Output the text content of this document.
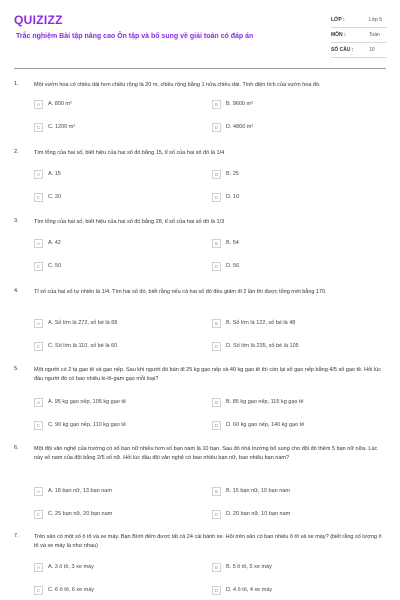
QUIZIZZ
Trắc nghiệm Bài tập nâng cao Ôn tập và bổ sung về giải toán có đáp án
LỚP :	Lớp 5
MÔN :	Toán
SỐ CÂU :	10
1.	Một vườn hoa có chiều dài hơn chiều rộng là 20 m, chiều rộng bằng 1 nửa chiều dài. Tính diện tích của vườn hoa đó.
A	A. 800 m²	B	B. 9600 m²
C	C. 1200 m²	D	D. 4800 m²
2.	Tìm tổng của hai số, biết hiệu của hai số đó bằng 15, tỉ số của hai số đó là 1/4
A	A. 15	B	B. 25
C	C. 20	D	D. 10
3.	Tìm tổng của hai số, biết hiệu của hai số đó bằng 28, tỉ số của hai số đó là 1/3
A	A. 42	B	B. 54
C	C. 50	D	D. 56
4.	Tỉ số của hai số tự nhiên là 1/4. Tìm hai số đó, biết rằng nếu cả hai số đó đều giảm đi 2 lần thì được tổng mới bằng 170.
A	A. Số lớn là 272, số bé là 68	B	B. Số lớn là 122, số bé là 48
C	C. Số lớn là 110, số bé là 60	D	D. Số lớn là 235, số bé là 105
5.	Một người có 2 tạ gạo tẻ và gạo nếp. Sau khi người đó bán đi 25 kg gạo nếp và 40 kg gạo tẻ thì còn lại số gạo nếp bằng 4/5 số gạo tẻ. Hỏi lúc đầu người đó có bao nhiêu ki-lô-gam gạo mỗi loại?
A	A. 95 kg gạo nếp, 105 kg gạo tẻ	B	B. 85 kg gạo nếp, 115 kg gạo tẻ
C	C. 90 kg gạo nếp, 110 kg gạo tẻ	D	D. 60 kg gạo nếp, 140 kg gạo tẻ
6.	Một đội văn nghệ của trường có số bạn nữ nhiều hơn số bạn nam là 10 bạn. Sau đó nhà trường bổ sung cho đội đó thêm 5 bạn nữ nữa. Lúc này số nam của đội bằng 2/5 số nữ. Hỏi lúc đầu đội văn nghệ có bao nhiêu bạn nữ, bao nhiêu bạn nam?
A	A. 18 bạn nữ, 13 bạn nam	B	B. 15 bạn nữ, 10 bạn nam
C	C. 25 bạn nữ, 20 bạn nam	D	D. 20 bạn nữ, 10 bạn nam
7.	Trên sân có một số ô tô và xe máy. Bạn Bình đếm được tất cả 24 cái bánh xe. Hỏi trên sân có bao nhiêu ô tô và xe máy? (biết rằng số lượng ô tô và xe máy là như nhau)
A	A. 3 ô tô, 3 xe máy	B	B. 5 ô tô, 5 xe máy
C	C. 6 ô tô, 6 xe máy	D	D. 4 ô tô, 4 xe máy
